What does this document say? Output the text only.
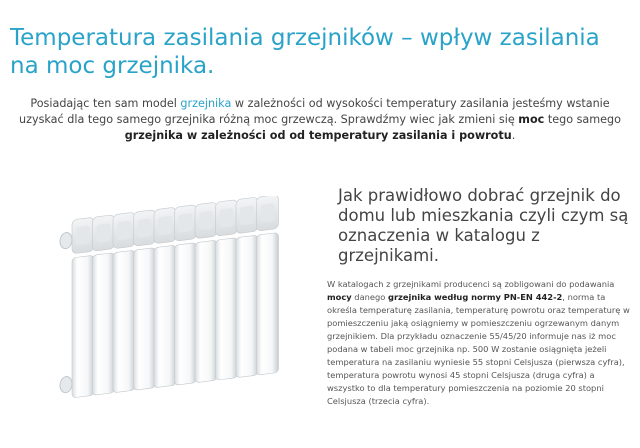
Temperatura zasilania grzejników – wpływ zasilania na moc grzejnika.

Posiadając ten sam model grzejnika w zależności od wysokości temperatury zasilania jesteśmy wstanie uzyskać dla tego samego grzejnika różną moc grzewczą. Sprawdźmy wiec jak zmieni się moc tego samego grzejnika w zależności od od temperatury zasilania i powrotu.

Jak prawidłowo dobrać grzejnik do domu lub mieszkania czyli czym są oznaczenia w katalogu z grzejnikami.

W katalogach z grzejnikami producenci są zobligowani do podawania mocy danego grzejnika według normy PN-EN 442-2, norma ta określa temperaturę zasilania, temperaturę powrotu oraz temperaturę w pomieszczeniu jaką osiągniemy w pomieszczeniu ogrzewanym danym grzejnikiem. Dla przykładu oznaczenie 55/45/20 informuje nas iż moc podana w tabeli moc grzejnika np. 500 W zostanie osiągnięta jeżeli temperatura na zasilaniu wyniesie 55 stopni Celsjusza (pierwsza cyfra), temperatura powrotu wynosi 45 stopni Celsjusza (druga cyfra) a wszystko to dla temperatury pomieszczenia na poziomie 20 stopni Celsjusza (trzecia cyfra).
